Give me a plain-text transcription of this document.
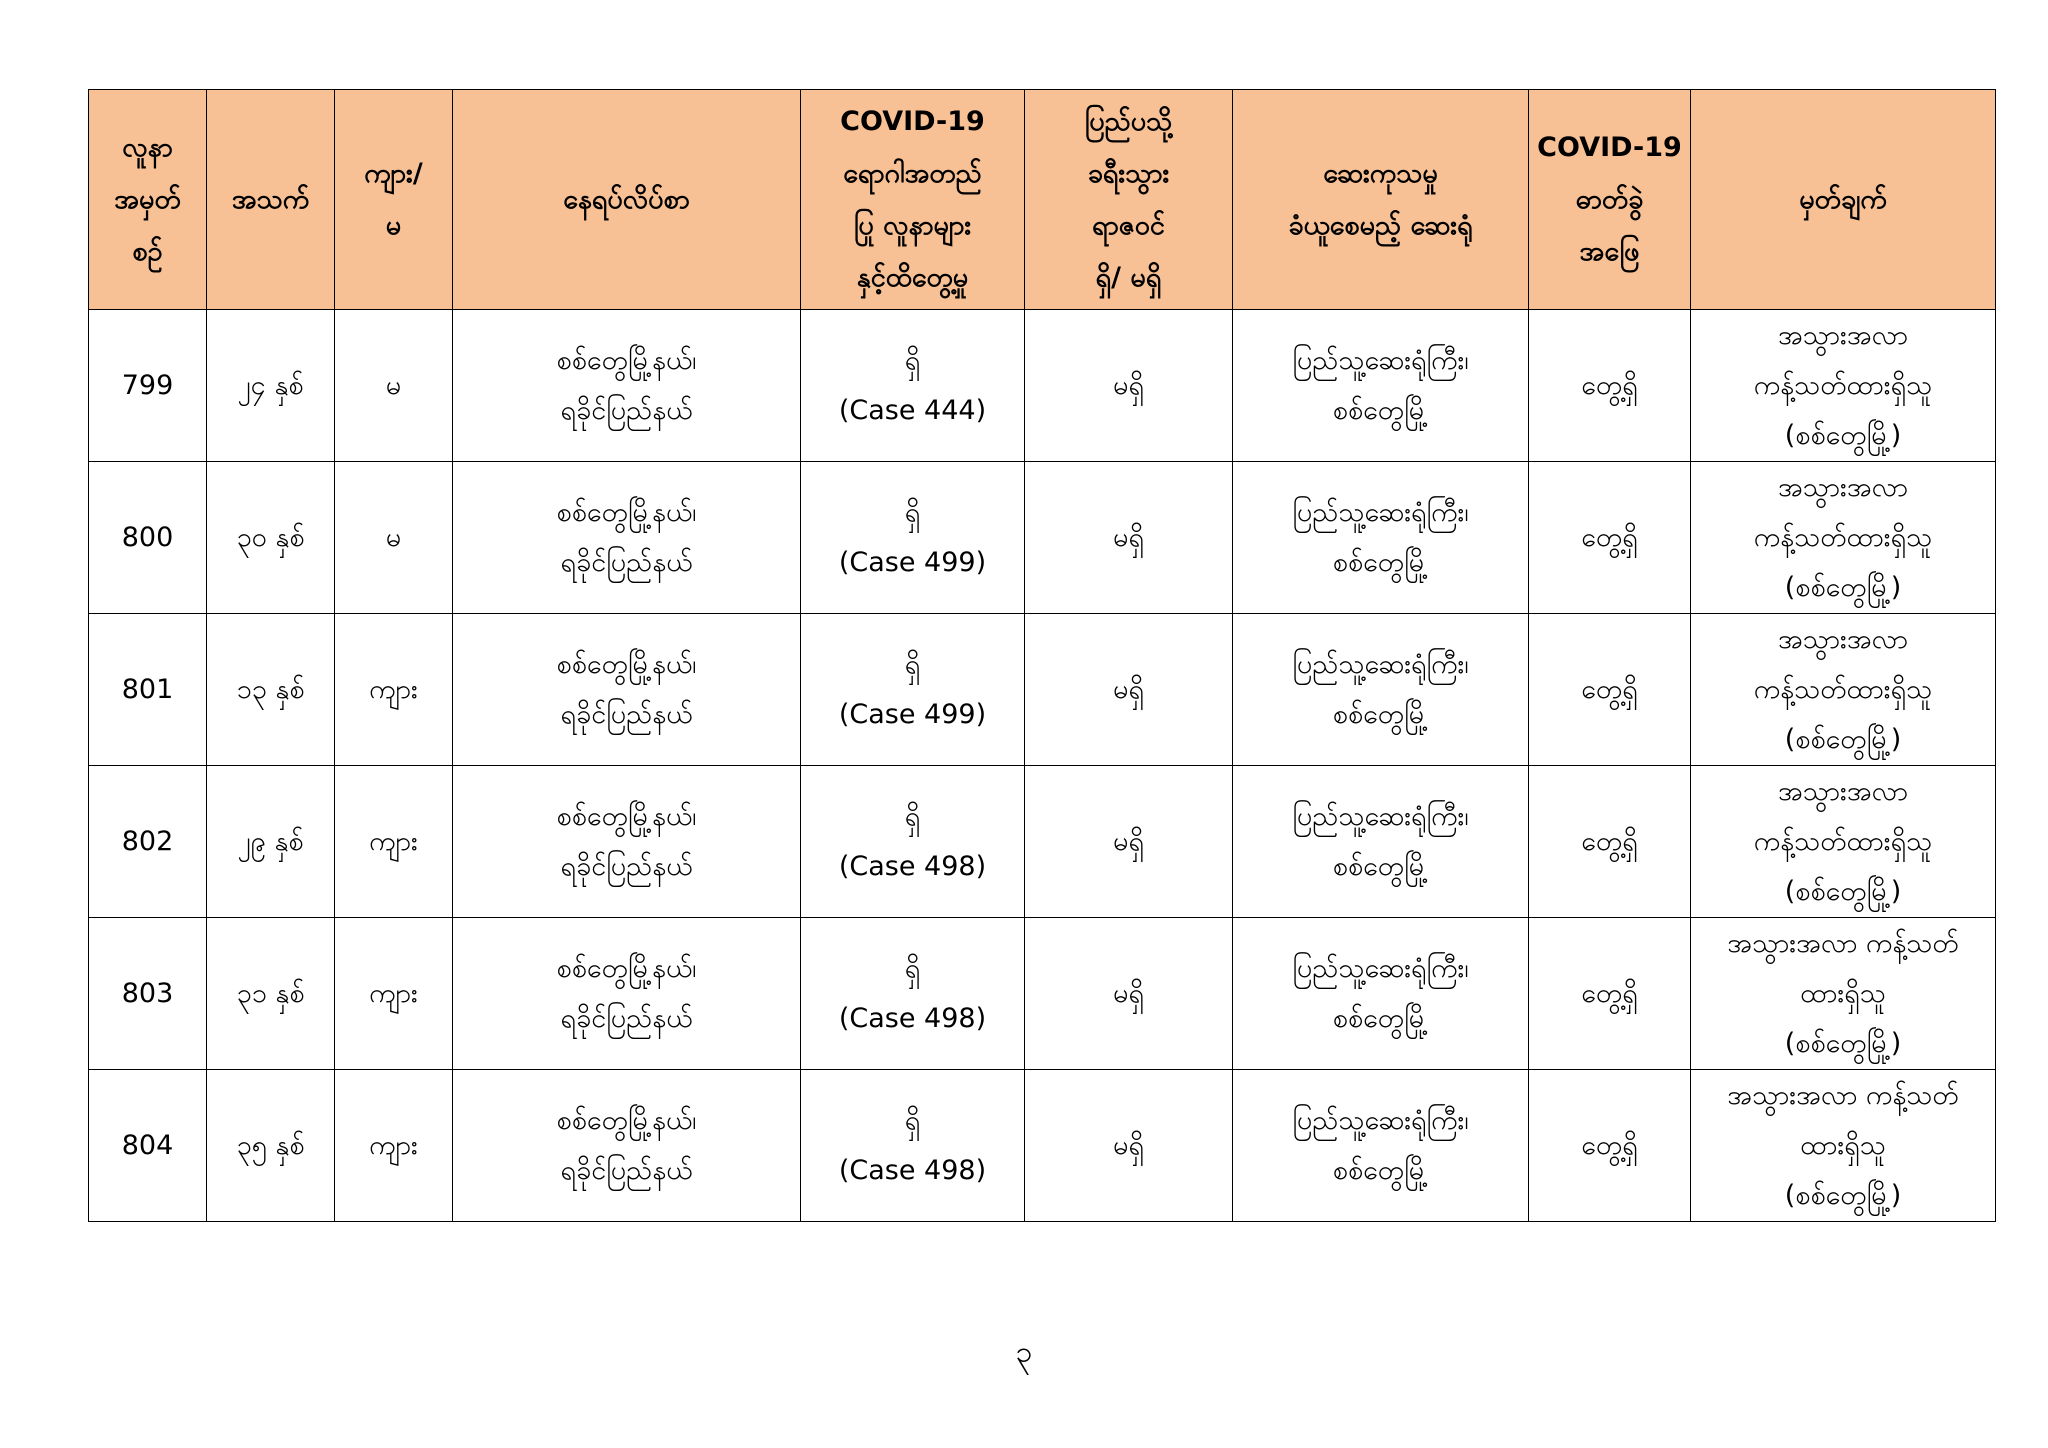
လူနာ
အမှတ်
စဉ်	အသက်	ကျား/
မ	နေရပ်လိပ်စာ	COVID-19
ရောဂါအတည်
ပြု လူနာများ
နှင့်ထိတွေ့မှု	ပြည်ပသို့
ခရီးသွား
ရာဇဝင်
ရှိ/ မရှိ	ဆေးကုသမှု
ခံယူစေမည့် ဆေးရုံ	COVID-19
ဓာတ်ခွဲ
အဖြေ	မှတ်ချက်

799	၂၄ နှစ်	မ	စစ်တွေမြို့နယ်၊
ရခိုင်ပြည်နယ်	ရှိ
(Case 444)	မရှိ	ပြည်သူ့ဆေးရုံကြီး၊
စစ်တွေမြို့	တွေ့ရှိ	အသွားအလာ
ကန့်သတ်ထားရှိသူ
(စစ်တွေမြို့)

800	၃၀ နှစ်	မ	စစ်တွေမြို့နယ်၊
ရခိုင်ပြည်နယ်	ရှိ
(Case 499)	မရှိ	ပြည်သူ့ဆေးရုံကြီး၊
စစ်တွေမြို့	တွေ့ရှိ	အသွားအလာ
ကန့်သတ်ထားရှိသူ
(စစ်တွေမြို့)

801	၁၃ နှစ်	ကျား	စစ်တွေမြို့နယ်၊
ရခိုင်ပြည်နယ်	ရှိ
(Case 499)	မရှိ	ပြည်သူ့ဆေးရုံကြီး၊
စစ်တွေမြို့	တွေ့ရှိ	အသွားအလာ
ကန့်သတ်ထားရှိသူ
(စစ်တွေမြို့)

802	၂၉ နှစ်	ကျား	စစ်တွေမြို့နယ်၊
ရခိုင်ပြည်နယ်	ရှိ
(Case 498)	မရှိ	ပြည်သူ့ဆေးရုံကြီး၊
စစ်တွေမြို့	တွေ့ရှိ	အသွားအလာ
ကန့်သတ်ထားရှိသူ
(စစ်တွေမြို့)

803	၃၁ နှစ်	ကျား	စစ်တွေမြို့နယ်၊
ရခိုင်ပြည်နယ်	ရှိ
(Case 498)	မရှိ	ပြည်သူ့ဆေးရုံကြီး၊
စစ်တွေမြို့	တွေ့ရှိ	အသွားအလာ ကန့်သတ်
ထားရှိသူ
(စစ်တွေမြို့)

804	၃၅ နှစ်	ကျား	စစ်တွေမြို့နယ်၊
ရခိုင်ပြည်နယ်	ရှိ
(Case 498)	မရှိ	ပြည်သူ့ဆေးရုံကြီး၊
စစ်တွေမြို့	တွေ့ရှိ	အသွားအလာ ကန့်သတ်
ထားရှိသူ
(စစ်တွေမြို့)
၃
